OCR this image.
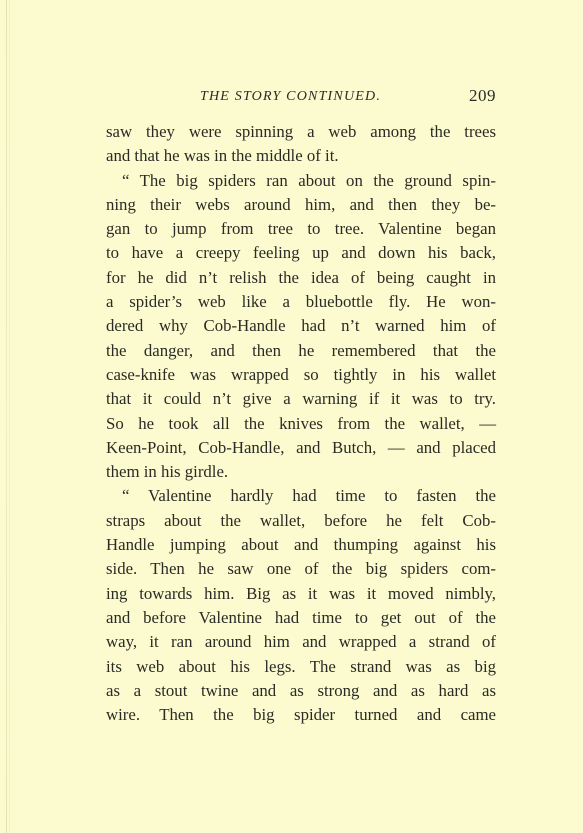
THE STORY CONTINUED.	209
saw they were spinning a web among the trees
and that he was in the middle of it.
“ The big spiders ran about on the ground spin-
ning their webs around him, and then they be-
gan to jump from tree to tree. Valentine began
to have a creepy feeling up and down his back,
for he did n’t relish the idea of being caught in
a spider’s web like a bluebottle fly. He won-
dered why Cob-Handle had n’t warned him of
the danger, and then he remembered that the
case-knife was wrapped so tightly in his wallet
that it could n’t give a warning if it was to try.
So he took all the knives from the wallet, —
Keen-Point, Cob-Handle, and Butch, — and placed
them in his girdle.
“ Valentine hardly had time to fasten the
straps about the wallet, before he felt Cob-
Handle jumping about and thumping against his
side. Then he saw one of the big spiders com-
ing towards him. Big as it was it moved nimbly,
and before Valentine had time to get out of the
way, it ran around him and wrapped a strand of
its web about his legs. The strand was as big
as a stout twine and as strong and as hard as
wire. Then the big spider turned and came
